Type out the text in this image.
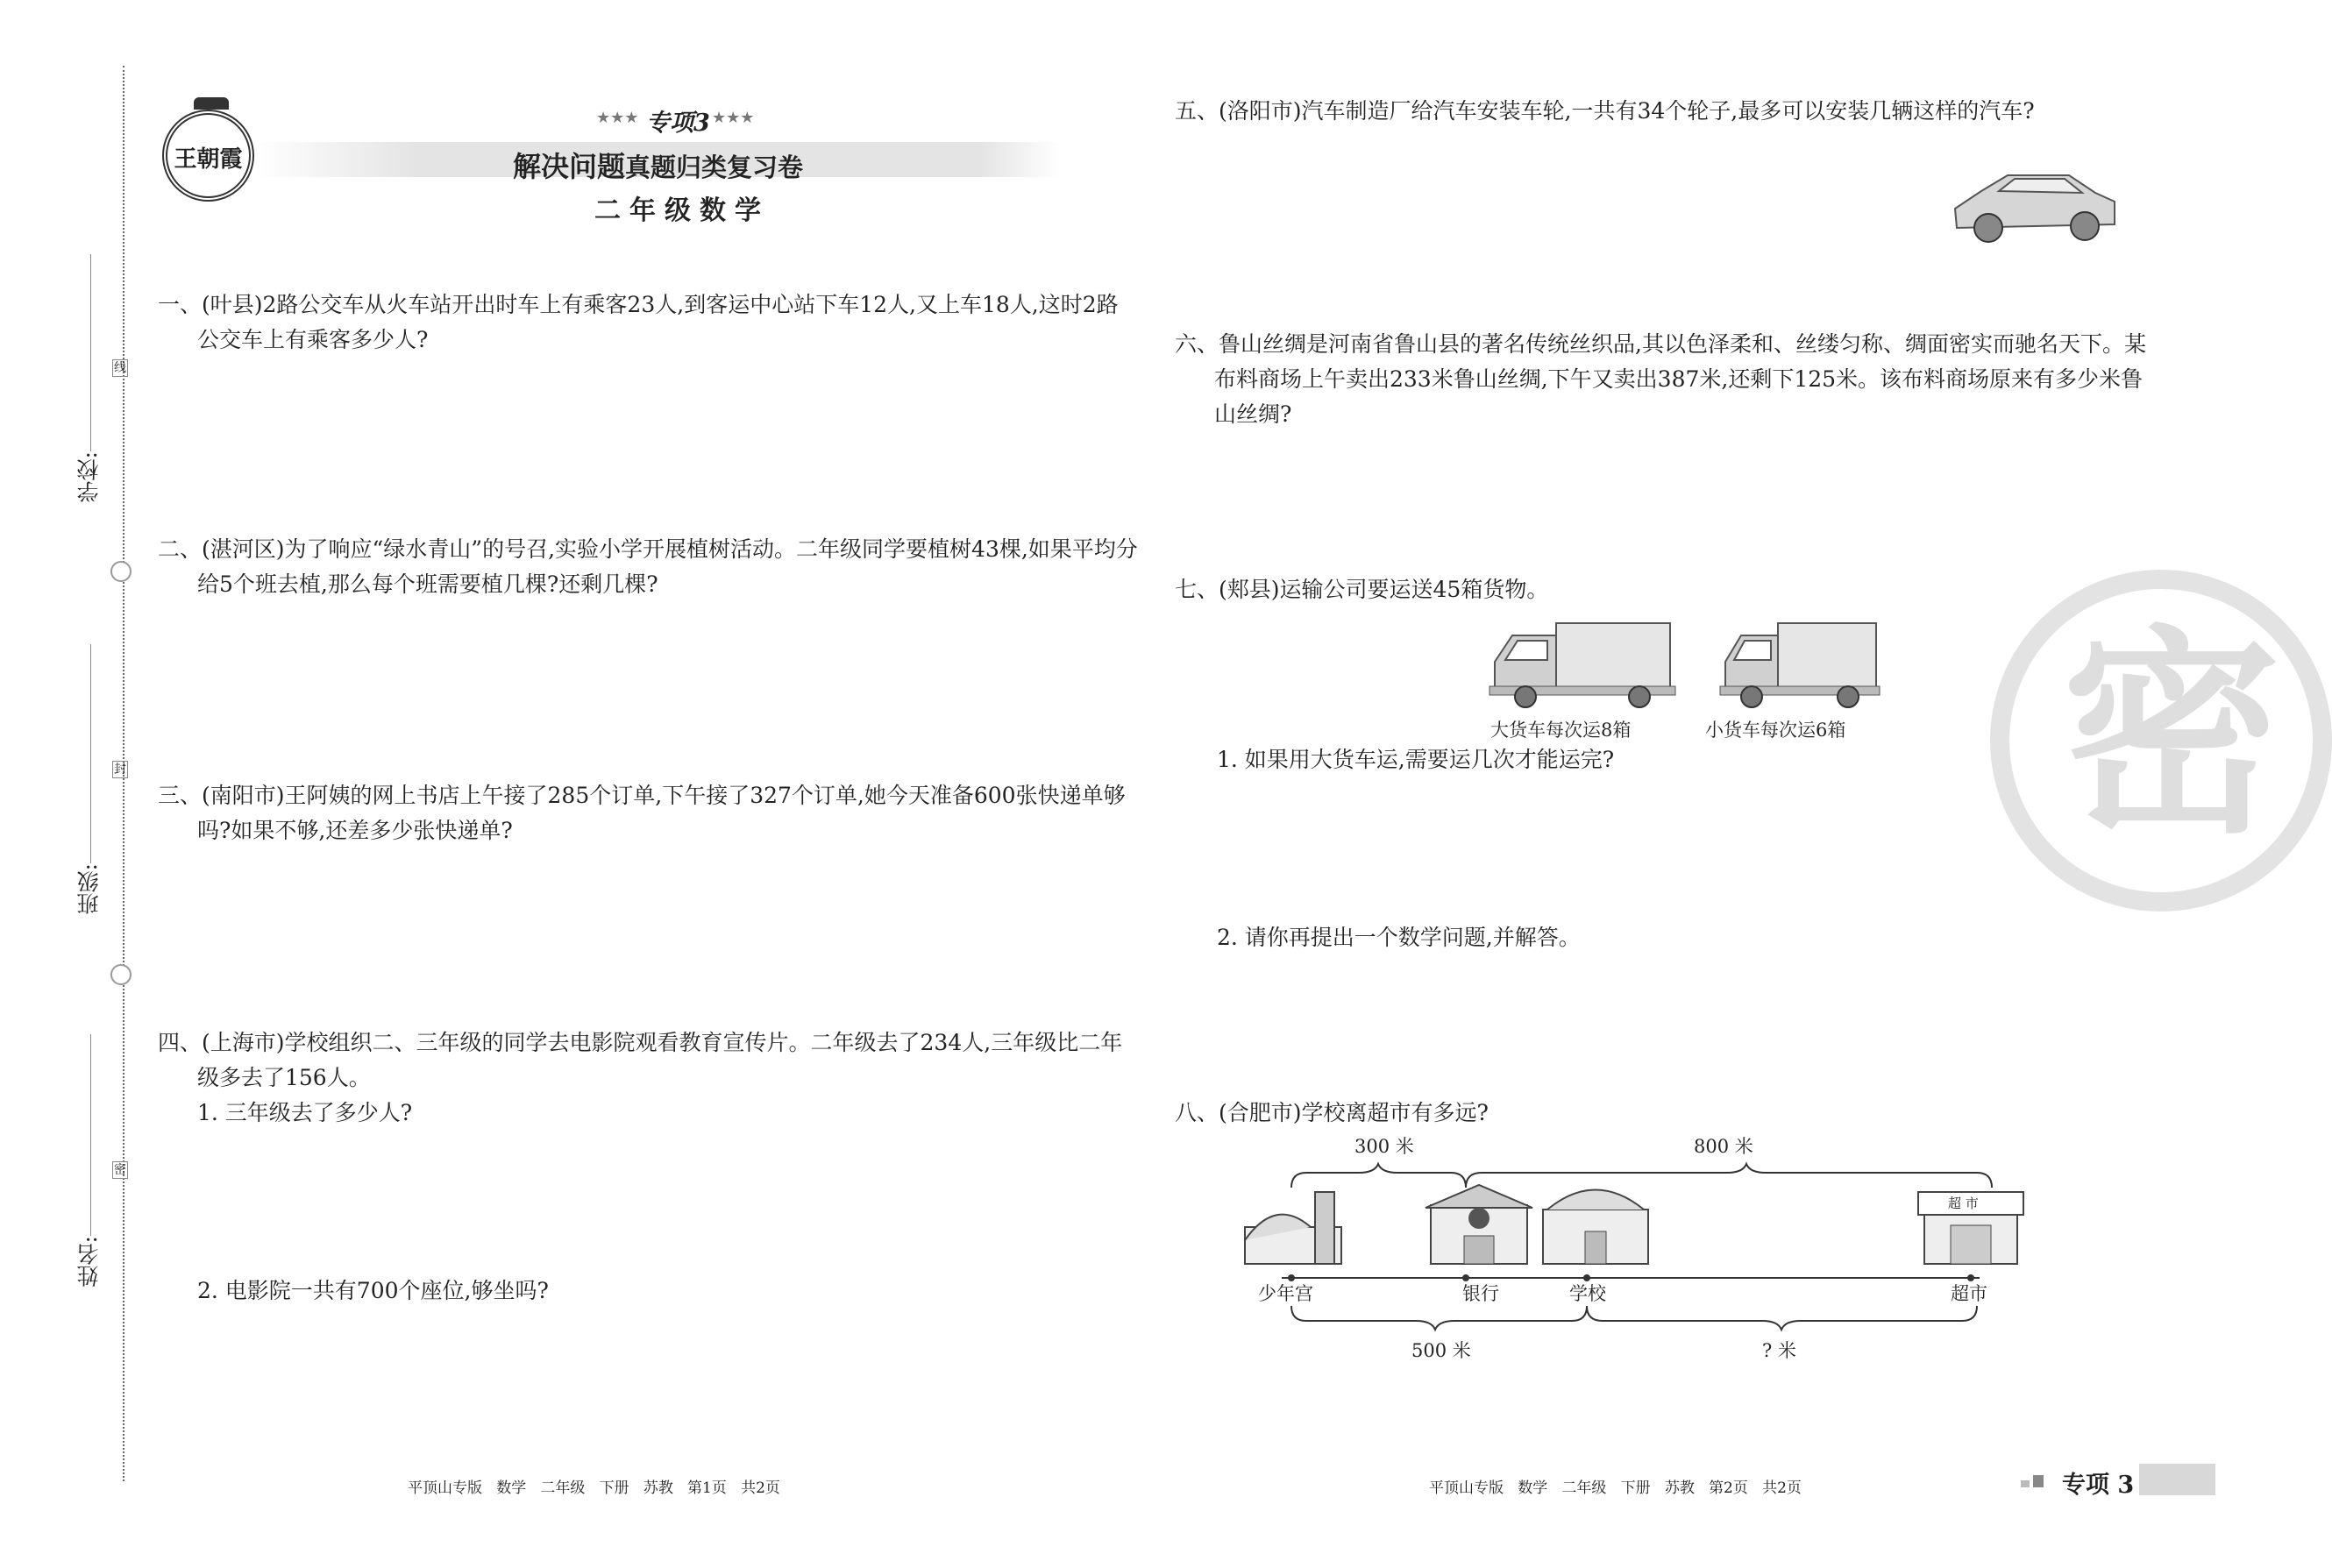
学校:
线
班级:
封
姓名:
密
王朝霞
★★★ 专项3 ★★★
解决问题真题归类复习卷
二年级数学
一、(叶县)2路公交车从火车站开出时车上有乘客23人,到客运中心站下车12人,又上车18人,这时2路公交车上有乘客多少人?
二、(湛河区)为了响应“绿水青山”的号召,实验小学开展植树活动。二年级同学要植树43棵,如果平均分给5个班去植,那么每个班需要植几棵?还剩几棵?
三、(南阳市)王阿姨的网上书店上午接了285个订单,下午接了327个订单,她今天准备600张快递单够吗?如果不够,还差多少张快递单?
四、(上海市)学校组织二、三年级的同学去电影院观看教育宣传片。二年级去了234人,三年级比二年级多去了156人。
1. 三年级去了多少人?
2. 电影院一共有700个座位,够坐吗?
平顶山专版   数学   二年级   下册   苏教   第1页   共2页
五、(洛阳市)汽车制造厂给汽车安装车轮,一共有34个轮子,最多可以安装几辆这样的汽车?
六、鲁山丝绸是河南省鲁山县的著名传统丝织品,其以色泽柔和、丝缕匀称、绸面密实而驰名天下。某布料商场上午卖出233米鲁山丝绸,下午又卖出387米,还剩下125米。该布料商场原来有多少米鲁山丝绸?
七、(郏县)运输公司要运送45箱货物。
大货车每次运8箱	小货车每次运6箱
1. 如果用大货车运,需要运几次才能运完?
2. 请你再提出一个数学问题,并解答。
密
八、(合肥市)学校离超市有多远?
超 市
300 米	800 米
500 米	? 米
少年宫	银行	学校	超市
平顶山专版   数学   二年级   下册   苏教   第2页   共2页	专项 3
